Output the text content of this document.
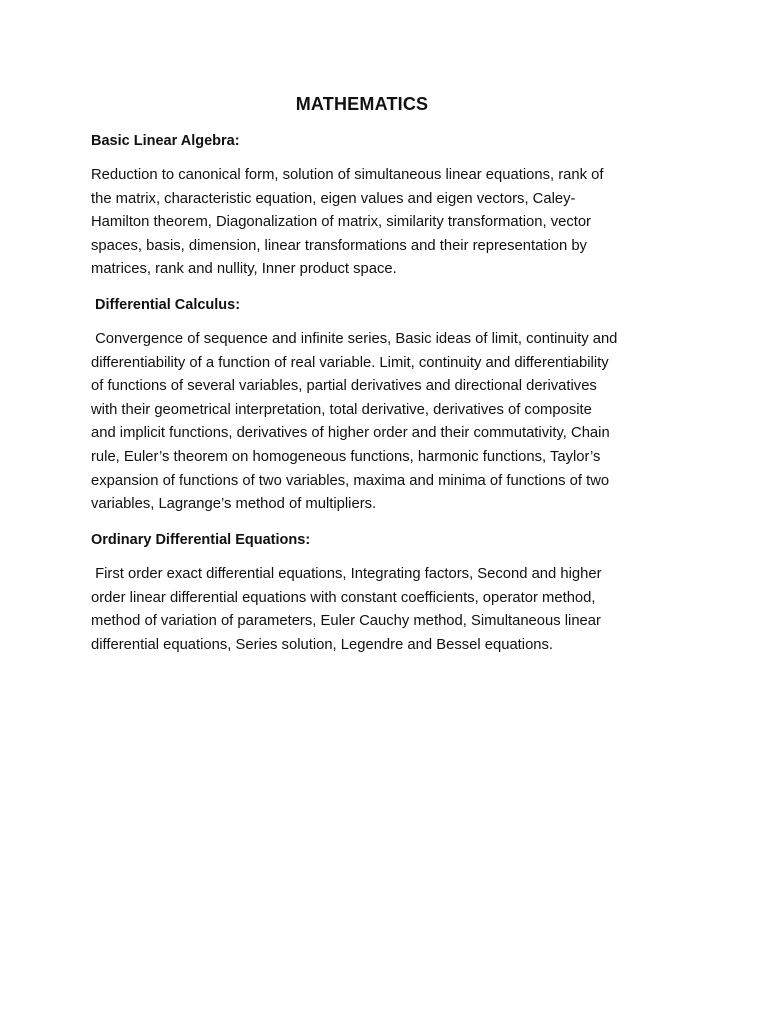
MATHEMATICS
Basic Linear Algebra:

Reduction to canonical form, solution of simultaneous linear equations, rank of
the matrix, characteristic equation, eigen values and eigen vectors, Caley-
Hamilton theorem, Diagonalization of matrix, similarity transformation, vector
spaces, basis, dimension, linear transformations and their representation by
matrices, rank and nullity, Inner product space.

Differential Calculus:

Convergence of sequence and infinite series, Basic ideas of limit, continuity and
differentiability of a function of real variable. Limit, continuity and differentiability
of functions of several variables, partial derivatives and directional derivatives
with their geometrical interpretation, total derivative, derivatives of composite
and implicit functions, derivatives of higher order and their commutativity, Chain
rule, Euler’s theorem on homogeneous functions, harmonic functions, Taylor’s
expansion of functions of two variables, maxima and minima of functions of two
variables, Lagrange’s method of multipliers.

Ordinary Differential Equations:

First order exact differential equations, Integrating factors, Second and higher
order linear differential equations with constant coefficients, operator method,
method of variation of parameters, Euler Cauchy method, Simultaneous linear
differential equations, Series solution, Legendre and Bessel equations.
